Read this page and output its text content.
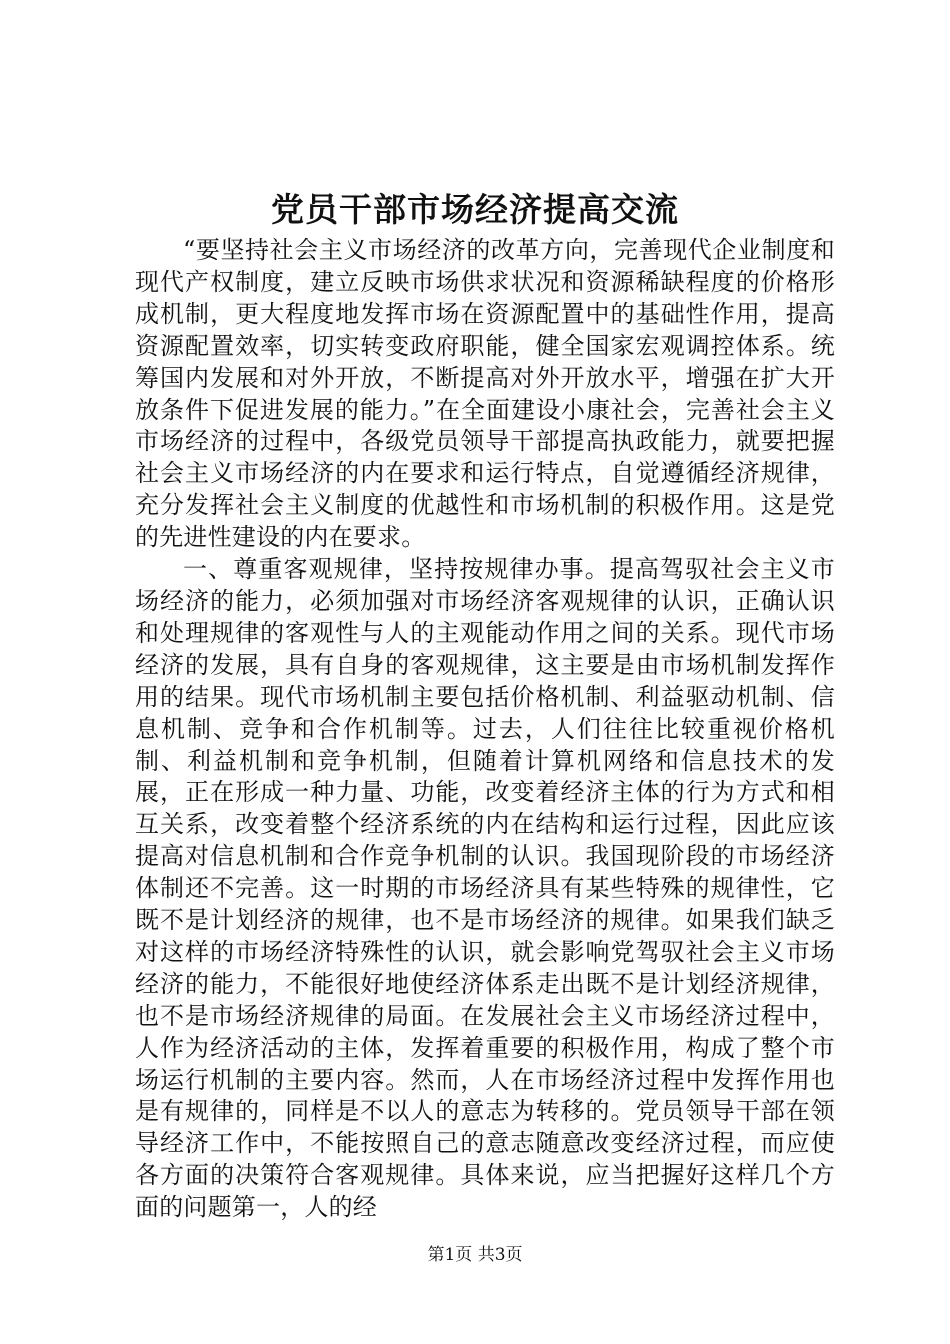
党员干部市场经济提高交流

“要坚持社会主义市场经济的改革方向，完善现代企业制度和现代产权制度，建立反映市场供求状况和资源稀缺程度的价格形成机制，更大程度地发挥市场在资源配置中的基础性作用，提高资源配置效率，切实转变政府职能，健全国家宏观调控体系。统筹国内发展和对外开放，不断提高对外开放水平，增强在扩大开放条件下促进发展的能力。”在全面建设小康社会，完善社会主义市场经济的过程中，各级党员领导干部提高执政能力，就要把握社会主义市场经济的内在要求和运行特点，自觉遵循经济规律，充分发挥社会主义制度的优越性和市场机制的积极作用。这是党的先进性建设的内在要求。

一、尊重客观规律，坚持按规律办事。提高驾驭社会主义市场经济的能力，必须加强对市场经济客观规律的认识，正确认识和处理规律的客观性与人的主观能动作用之间的关系。现代市场经济的发展，具有自身的客观规律，这主要是由市场机制发挥作用的结果。现代市场机制主要包括价格机制、利益驱动机制、信息机制、竞争和合作机制等。过去，人们往往比较重视价格机制、利益机制和竞争机制，但随着计算机网络和信息技术的发展，正在形成一种力量、功能，改变着经济主体的行为方式和相互关系，改变着整个经济系统的内在结构和运行过程，因此应该提高对信息机制和合作竞争机制的认识。我国现阶段的市场经济体制还不完善。这一时期的市场经济具有某些特殊的规律性，它既不是计划经济的规律，也不是市场经济的规律。如果我们缺乏对这样的市场经济特殊性的认识，就会影响党驾驭社会主义市场经济的能力，不能很好地使经济体系走出既不是计划经济规律，也不是市场经济规律的局面。在发展社会主义市场经济过程中，人作为经济活动的主体，发挥着重要的积极作用，构成了整个市场运行机制的主要内容。然而，人在市场经济过程中发挥作用也是有规律的，同样是不以人的意志为转移的。党员领导干部在领导经济工作中，不能按照自己的意志随意改变经济过程，而应使各方面的决策符合客观规律。具体来说，应当把握好这样几个方面的问题第一，人的经

第1页 共3页
